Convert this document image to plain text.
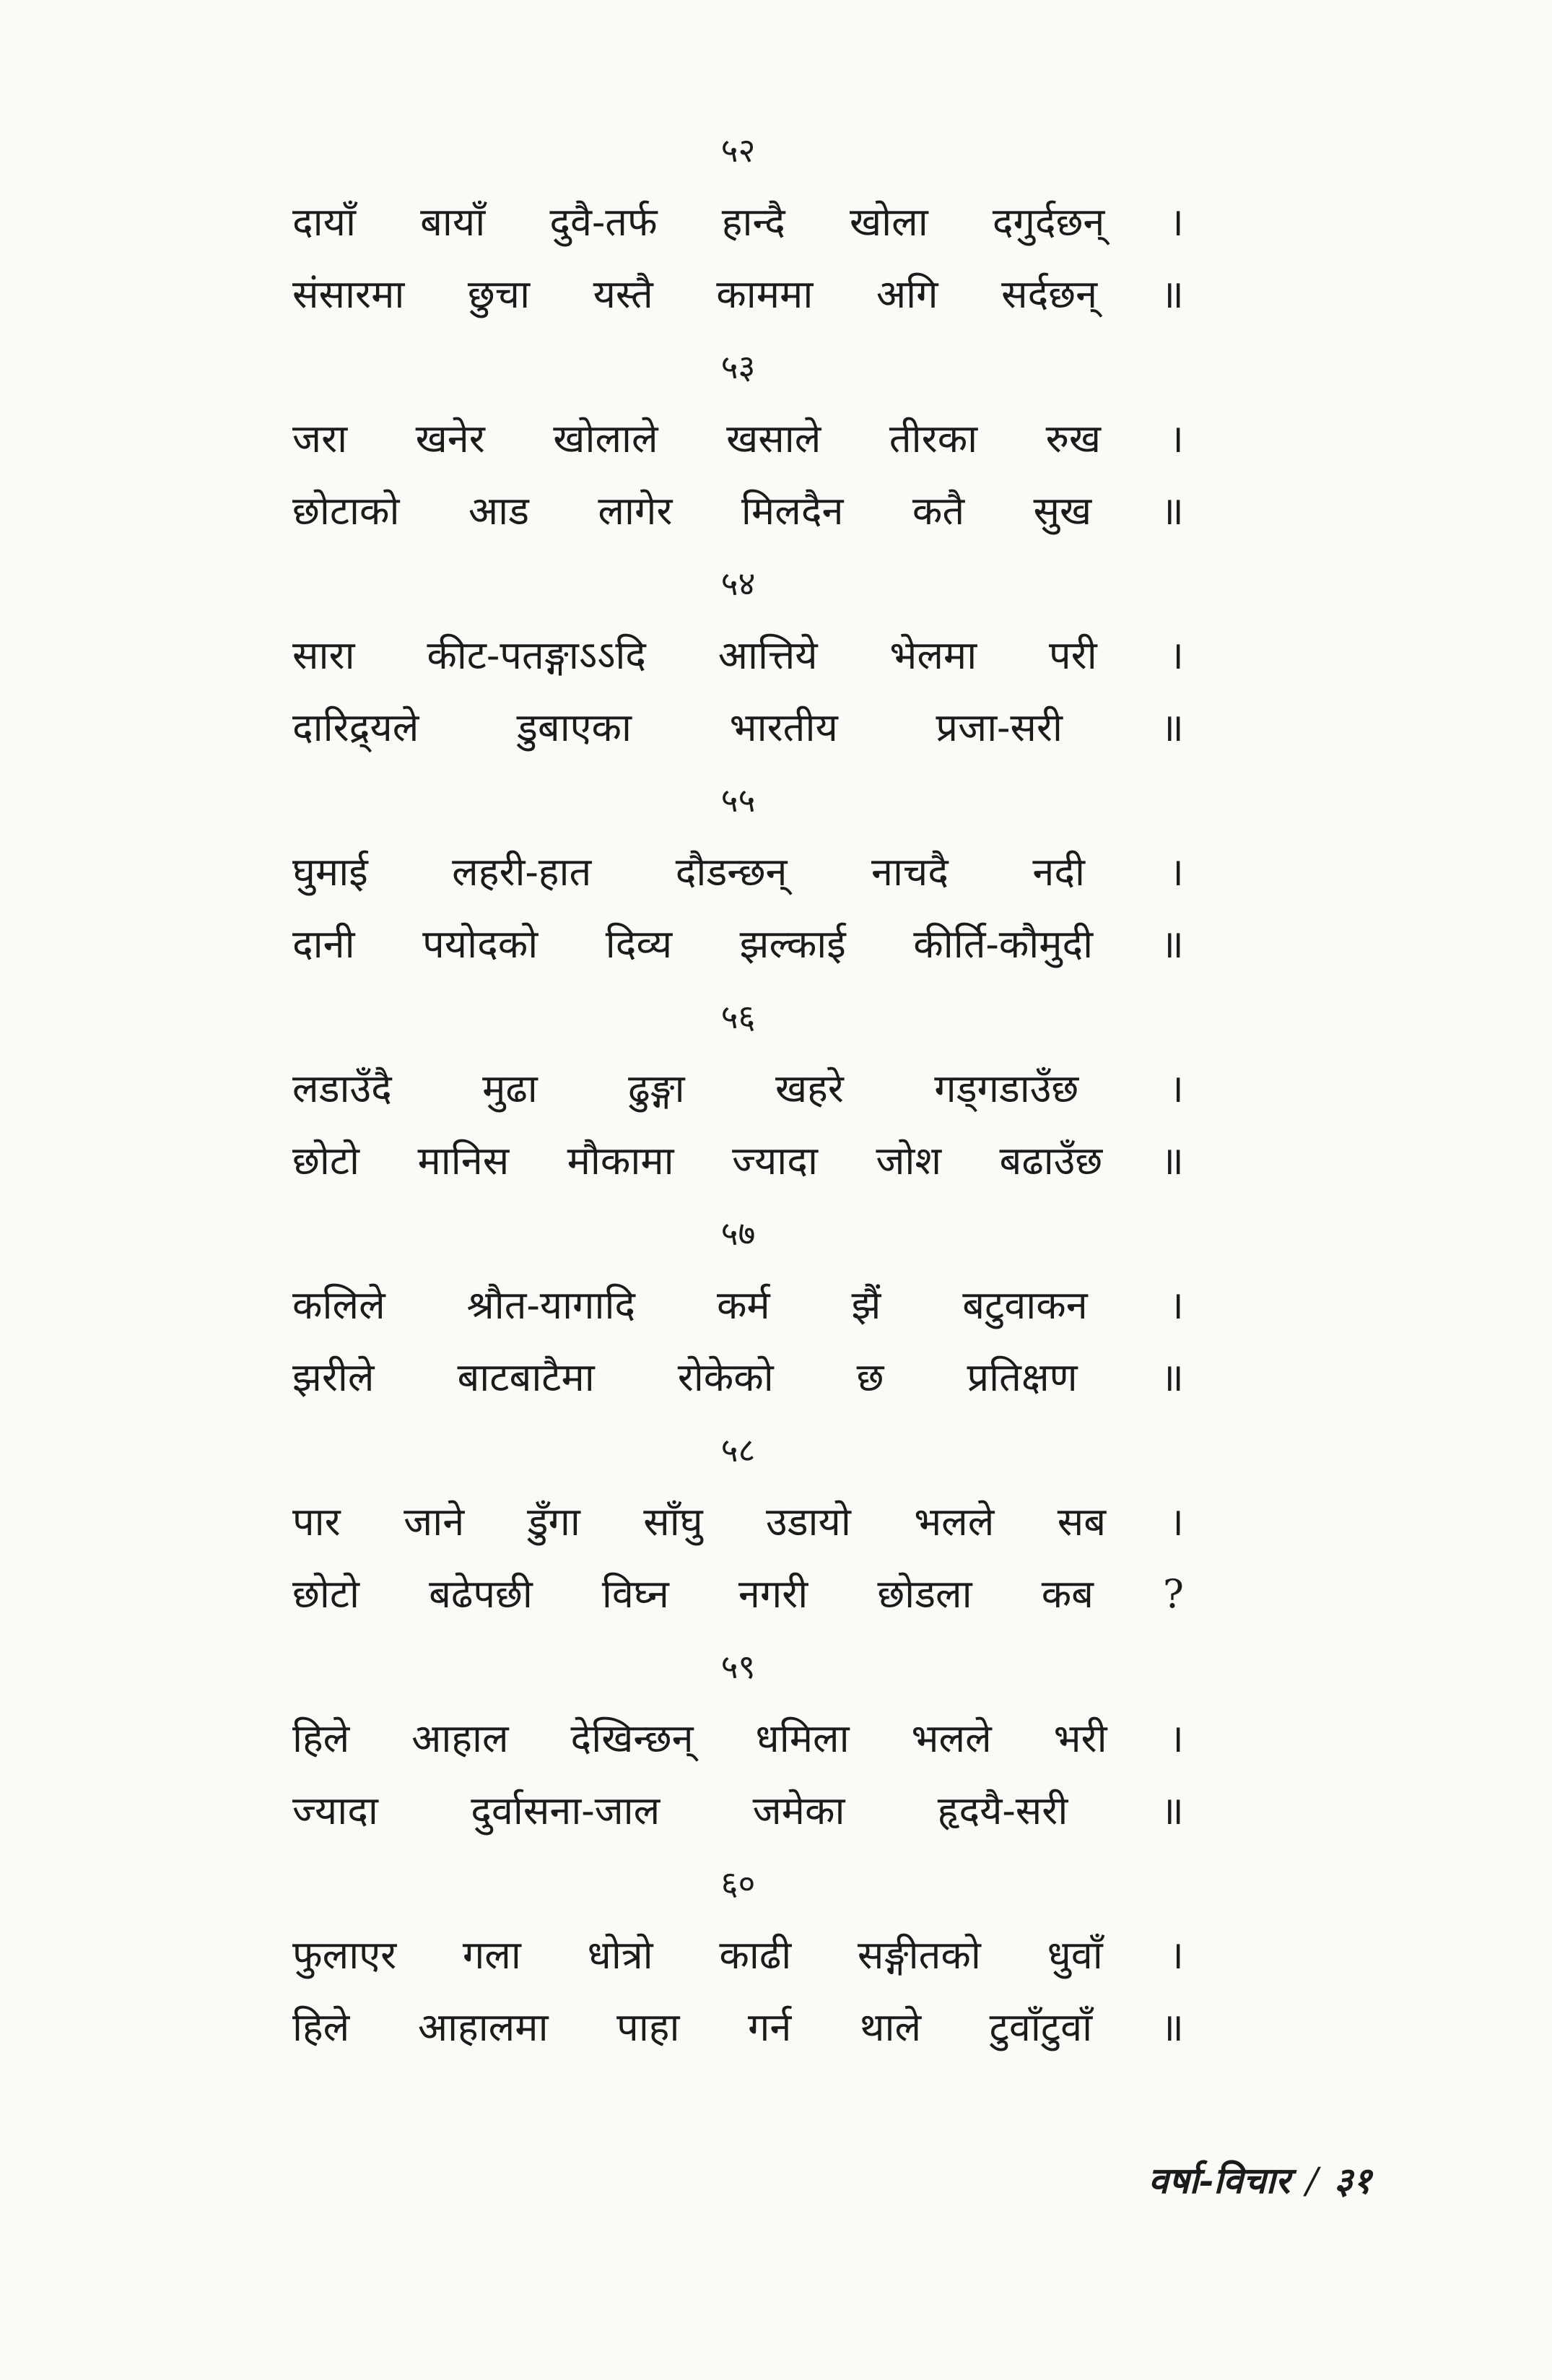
५२
दायाँ बायाँ दुवै-तर्फ हान्दै खोला दगुर्दछन् ।
संसारमा छुचा यस्तै काममा अगि सर्दछन् ॥
५३
जरा खनेर खोलाले खसाले तीरका रुख ।
छोटाको आड लागेर मिलदैन कतै सुख ॥
५४
सारा कीट-पतङ्गाऽऽदि आत्तिये भेलमा परी ।
दारिद्र्यले डुबाएका भारतीय प्रजा-सरी ॥
५५
घुमाई लहरी-हात दौडन्छन् नाचदै नदी ।
दानी पयोदको दिव्य झल्काई कीर्ति-कौमुदी ॥
५६
लडाउँदै मुढा ढुङ्गा खहरे गड्‌गडाउँछ ।
छोटो मानिस मौकामा ज्यादा जोश बढाउँछ ॥
५७
कलिले श्रौत-यागादि कर्म झैं बटुवाकन ।
झरीले बाटबाटैमा रोकेको छ प्रतिक्षण ॥
५८
पार जाने डुँगा साँघु उडायो भलले सब ।
छोटो बढेपछी विघ्न नगरी छोडला कब ?
५९
हिले आहाल देखिन्छन् धमिला भलले भरी ।
ज्यादा दुर्वासना-जाल जमेका हृदयै-सरी ॥
६०
फुलाएर गला धोत्रो काढी सङ्गीतको धुवाँ ।
हिले आहालमा पाहा गर्न थाले टुवाँटुवाँ ॥
वर्षा-विचार / ३१
